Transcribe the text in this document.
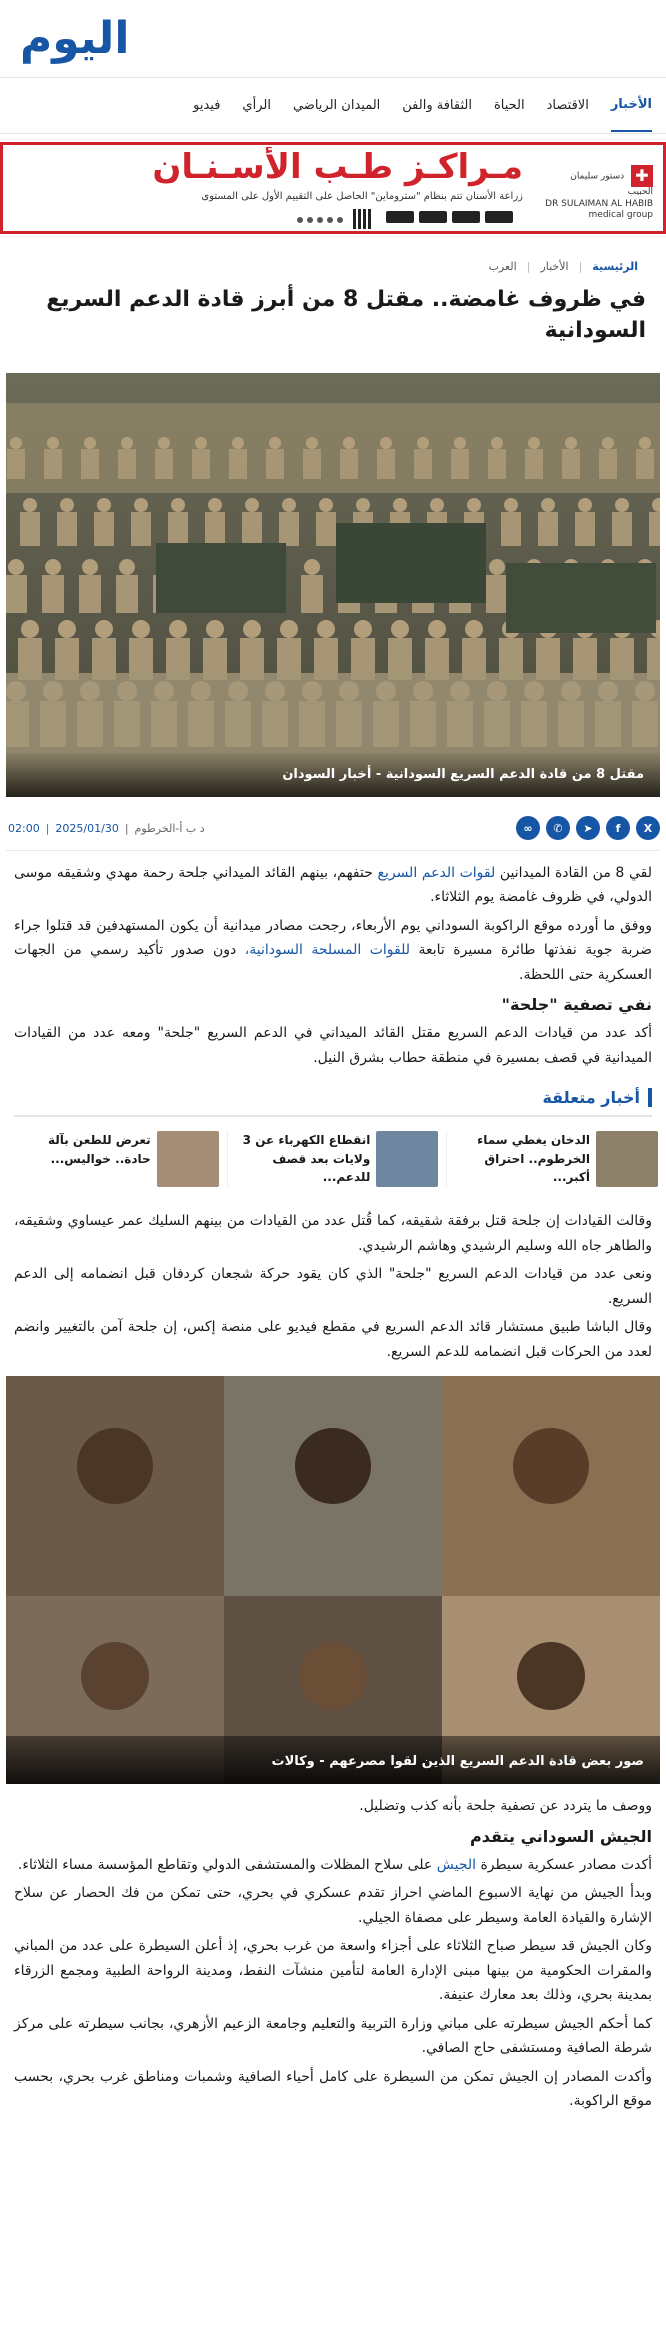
اليوم
الأخبار
الاقتصاد
الحياة
الثقافة والفن
الميدان الرياضي
الرأي
فيديو
✚ دستور سليمان الحبيب
DR SULAIMAN AL HABIB
medical group
مـراكـز طـب الأسـنـان
زراعة الأسنان تتم بنظام "ستروماين" الحاصل على التقييم الأول على المستوى
الرئيسية
|
الأخبار
|
العرب
في ظروف غامضة.. مقتل 8 من أبرز قادة الدعم السريع السودانية
مقتل 8 من قادة الدعم السريع السودانية - أخبار السودان
X
f
➤
✆
∞
02:00 | 2025/01/30 | د ب أ-الخرطوم

لقي 8 من القادة الميدانين لقوات الدعم السريع حتفهم، بينهم القائد الميداني جلحة رحمة مهدي وشقيقه موسى الدولي، في ظروف غامضة يوم الثلاثاء.

ووفق ما أورده موقع الراكوبة السوداني يوم الأربعاء، رجحت مصادر ميدانية أن يكون المستهدفين قد قتلوا جراء ضربة جوية نفذتها طائرة مسيرة تابعة للقوات المسلحة السودانية، دون صدور تأكيد رسمي من الجهات العسكرية حتى اللحظة.

نفي تصفية "جلحة"

أكد عدد من قيادات الدعم السريع مقتل القائد الميداني في الدعم السريع "جلحة" ومعه عدد من القيادات الميدانية في قصف بمسيرة في منطقة حطاب بشرق النيل.

أخبار متعلقة
الدخان يغطي سماء الخرطوم.. احتراق أكبر...
انقطاع الكهرباء عن 3 ولايات بعد قصف للدعم...
تعرض للطعن بآلة حادة.. خواليس...

وقالت القيادات إن جلحة قتل برفقة شقيقه، كما قُتل عدد من القيادات من بينهم السليك عمر عيساوي وشقيقه، والطاهر جاه الله وسليم الرشيدي وهاشم الرشيدي.

ونعى عدد من قيادات الدعم السريع "جلحة" الذي كان يقود حركة شجعان كردفان قبل انضمامه إلى الدعم السريع.

وقال الباشا طبيق مستشار قائد الدعم السريع في مقطع فيديو على منصة إكس، إن جلحة آمن بالتغيير وانضم لعدد من الحركات قبل انضمامه للدعم السريع.

صور بعض قادة الدعم السريع الذين لقوا مصرعهم - وكالات

ووصف ما يتردد عن تصفية جلحة بأنه كذب وتضليل.

الجيش السوداني يتقدم

أكدت مصادر عسكرية سيطرة الجيش على سلاح المظلات والمستشفى الدولي وتقاطع المؤسسة مساء الثلاثاء.

وبدأ الجيش من نهاية الاسبوع الماضي احراز تقدم عسكري في بحري، حتى تمكن من فك الحصار عن سلاح الإشارة والقيادة العامة وسيطر على مصفاة الجيلي.

وكان الجيش قد سيطر صباح الثلاثاء على أجزاء واسعة من غرب بحري، إذ أعلن السيطرة على عدد من المباني والمقرات الحكومية من بينها مبنى الإدارة العامة لتأمين منشآت النفط، ومدينة الرواحة الطبية ومجمع الزرقاء بمدينة بحري، وذلك بعد معارك عنيفة.

كما أحكم الجيش سيطرته على مباني وزارة التربية والتعليم وجامعة الزعيم الأزهري، بجانب سيطرته على مركز شرطة الصافية ومستشفى حاج الصافي.

وأكدت المصادر إن الجيش تمكن من السيطرة على كامل أحياء الصافية وشمبات ومناطق غرب بحري، بحسب موقع الراكوبة.
